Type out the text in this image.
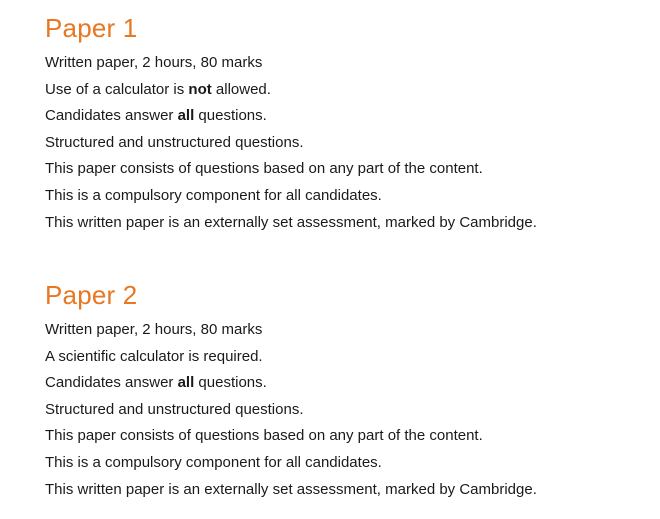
Paper 1

Written paper, 2 hours, 80 marks

Use of a calculator is not allowed.

Candidates answer all questions.

Structured and unstructured questions.

This paper consists of questions based on any part of the content.

This is a compulsory component for all candidates.

This written paper is an externally set assessment, marked by Cambridge.

Paper 2

Written paper, 2 hours, 80 marks

A scientific calculator is required.

Candidates answer all questions.

Structured and unstructured questions.

This paper consists of questions based on any part of the content.

This is a compulsory component for all candidates.

This written paper is an externally set assessment, marked by Cambridge.
